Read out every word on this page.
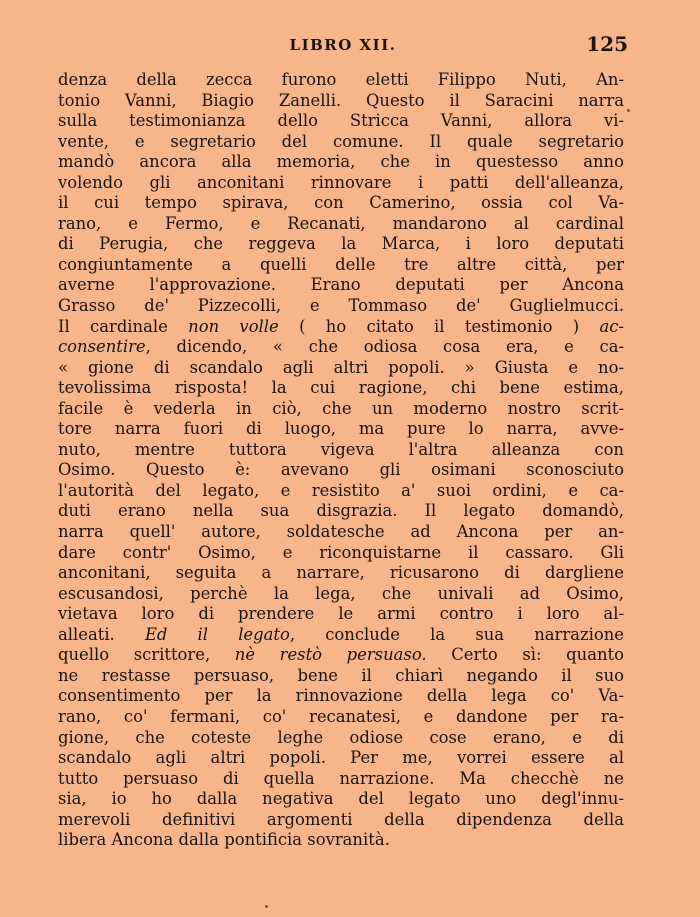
LIBRO XII.	125
denza della zecca furono eletti Filippo Nuti, An-
tonio Vanni, Biagio Zanelli. Questo il Saracini narra
sulla testimonianza dello Stricca Vanni, allora vi-
vente, e segretario del comune. Il quale segretario
mandò ancora alla memoria, che in questesso anno
volendo gli anconitani rinnovare i patti dell'alleanza,
il cui tempo spirava, con Camerino, ossia col Va-
rano, e Fermo, e Recanati, mandarono al cardinal
di Perugia, che reggeva la Marca, i loro deputati
congiuntamente a quelli delle tre altre città, per
averne l'approvazione. Erano deputati per Ancona
Grasso de' Pizzecolli, e Tommaso de' Guglielmucci.
Il cardinale non volle ( ho citato il testimonio ) ac-
consentire, dicendo, « che odiosa cosa era, e ca-
« gione di scandalo agli altri popoli. » Giusta e no-
tevolissima risposta! la cui ragione, chi bene estima,
facile è vederla in ciò, che un moderno nostro scrit-
tore narra fuori di luogo, ma pure lo narra, avve-
nuto, mentre tuttora vigeva l'altra alleanza con
Osimo. Questo è: avevano gli osimani sconosciuto
l'autorità del legato, e resistito a' suoi ordini, e ca-
duti erano nella sua disgrazia. Il legato domandò,
narra quell' autore, soldatesche ad Ancona per an-
dare contr' Osimo, e riconquistarne il cassaro. Gli
anconitani, seguita a narrare, ricusarono di dargliene
escusandosi, perchè la lega, che univali ad Osimo,
vietava loro di prendere le armi contro i loro al-
alleati. Ed il legato, conclude la sua narrazione
quello scrittore, nè restò persuaso. Certo sì: quanto
ne restasse persuaso, bene il chiarì negando il suo
consentimento per la rinnovazione della lega co' Va-
rano, co' fermani, co' recanatesi, e dandone per ra-
gione, che coteste leghe odiose cose erano, e di
scandalo agli altri popoli. Per me, vorrei essere al
tutto persuaso di quella narrazione. Ma checchè ne
sia, io ho dalla negativa del legato uno degl'innu-
merevoli definitivi argomenti della dipendenza della
libera Ancona dalla pontificia sovranità.
